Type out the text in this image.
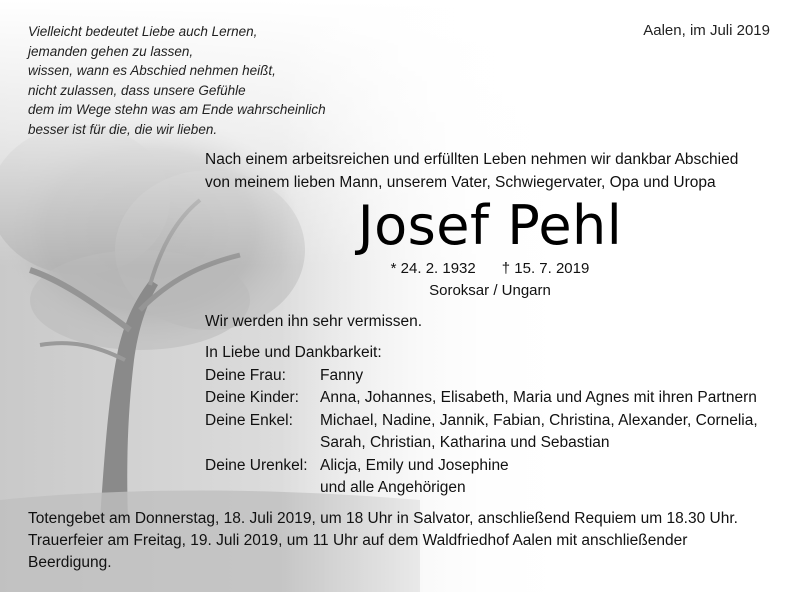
Vielleicht bedeutet Liebe auch Lernen,
jemanden gehen zu lassen,
wissen, wann es Abschied nehmen heißt,
nicht zulassen, dass unsere Gefühle
dem im Wege stehn was am Ende wahrscheinlich
besser ist für die, die wir lieben.
Aalen, im Juli 2019
Nach einem arbeitsreichen und erfüllten Leben nehmen wir dankbar Abschied
von meinem lieben Mann, unserem Vater, Schwiegervater, Opa und Uropa
Josef Pehl
* 24. 2. 1932 † 15. 7. 2019
Soroksar / Ungarn
Wir werden ihn sehr vermissen.
In Liebe und Dankbarkeit:
Deine Frau:	Fanny
Deine Kinder:	Anna, Johannes, Elisabeth, Maria und Agnes mit ihren Partnern
Deine Enkel:	Michael, Nadine, Jannik, Fabian, Christina, Alexander, Cornelia,
Sarah, Christian, Katharina und Sebastian
Deine Urenkel: Alicja, Emily und Josephine
und alle Angehörigen
Totengebet am Donnerstag, 18. Juli 2019, um 18 Uhr in Salvator, anschließend Requiem um 18.30 Uhr.
Trauerfeier am Freitag, 19. Juli 2019, um 11 Uhr auf dem Waldfriedhof Aalen mit anschließender
Beerdigung.
